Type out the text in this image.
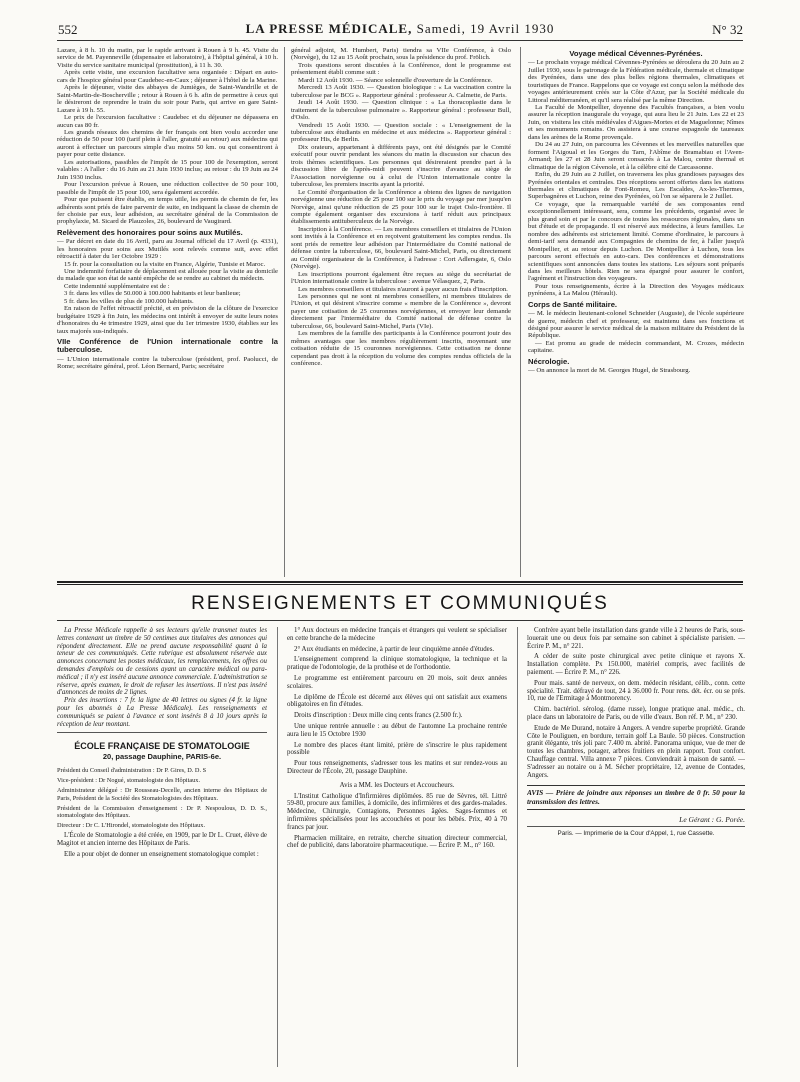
552	LA PRESSE MÉDICALE, Samedi, 19 Avril 1930	N° 32

Lazare, à 8 h. 10 du matin, par le rapide arrivant à Rouen à 9 h. 45. Visite du service de M. Payenneville (dispensaire et laboratoire), à l'hôpital général, à 10 h. Visite du service sanitaire municipal (prostitution), à 11 h. 30.

Après cette visite, une excursion facultative sera organisée : Départ en auto-cars de l'hospice général pour Caudebec-en-Caux ; déjeuner à l'hôtel de la Marine.

Après le déjeuner, visite des abbayes de Jumièges, de Saint-Wandrille et de Saint-Martin-de-Boscherville ; retour à Rouen à 6 h. afin de permettre à ceux qui le désireront de reprendre le train du soir pour Paris, qui arrive en gare Saint-Lazare à 19 h. 55.

Le prix de l'excursion facultative : Caudebec et du déjeuner ne dépassera en aucun cas 80 fr.

Les grands réseaux des chemins de fer français ont bien voulu accorder une réduction de 50 pour 100 (tarif plein à l'aller, gratuité au retour) aux médecins qui auront à effectuer un parcours simple d'au moins 50 km. ou qui consentiront à payer pour cette distance.

Les autorisations, passibles de l'impôt de 15 pour 100 de l'exemption, seront valables : A l'aller : du 16 Juin au 21 Juin 1930 inclus; au retour : du 19 Juin au 24 Juin 1930 inclus.

Pour l'excursion prévue à Rouen, une réduction collective de 50 pour 100, passible de l'impôt de 15 pour 100, sera également accordée.

Pour que puissent être établis, en temps utile, les permis de chemin de fer, les adhérents sont priés de faire parvenir de suite, en indiquant la classe de chemin de fer choisie par eux, leur adhésion, au secrétaire général de la Commission de prophylaxie, M. Sicard de Plauzoles, 26, boulevard de Vaugirard.

Relèvement des honoraires pour soins aux Mutilés.

— Par décret en date du 16 Avril, paru au Journal officiel du 17 Avril (p. 4331), les honoraires pour soins aux Mutilés sont relevés comme suit, avec effet rétroactif à dater du 1er Octobre 1929 :

15 fr. pour la consultation ou la visite en France, Algérie, Tunisie et Maroc.

Une indemnité forfaitaire de déplacement est allouée pour la visite au domicile du malade que son état de santé empêche de se rendre au cabinet du médecin.

Cette indemnité supplémentaire est de :

3 fr. dans les villes de 50.000 à 100.000 habitants et leur banlieue;

5 fr. dans les villes de plus de 100.000 habitants.

En raison de l'effet rétroactif précité, et en prévision de la clôture de l'exercice budgétaire 1929 à fin Juin, les médecins ont intérêt à envoyer de suite leurs notes d'honoraires du 4e trimestre 1929, ainsi que du 1er trimestre 1930, établies sur les taux majorés sus-indiqués.

VIIe Conférence de l'Union internationale contre la tuberculose.

— L'Union internationale contre la tuberculose (président, prof. Paolucci, de Rome; secrétaire général, prof. Léon Bernard, Paris; secrétaire

général adjoint, M. Humbert, Paris) tiendra sa VIIe Conférence, à Oslo (Norvège), du 12 au 15 Août prochain, sous la présidence du prof. Frölich.

Trois questions seront discutées à la Conférence, dont le programme est présentement établi comme suit :

Mardi 12 Août 1930. — Séance solennelle d'ouverture de la Conférence.

Mercredi 13 Août 1930. — Question biologique : « La vaccination contre la tuberculose par le BCG ». Rapporteur général : professeur A. Calmette, de Paris.

Jeudi 14 Août 1930. — Question clinique : « La thoracoplastie dans le traitement de la tuberculose pulmonaire ». Rapporteur général : professeur Bull, d'Oslo.

Vendredi 15 Août 1930. — Question sociale : « L'enseignement de la tuberculose aux étudiants en médecine et aux médecins ». Rapporteur général : professeur His, de Berlin.

Dix orateurs, appartenant à différents pays, ont été désignés par le Comité exécutif pour ouvrir pendant les séances du matin la discussion sur chacun des trois thèmes scientifiques. Les personnes qui désireraient prendre part à la discussion libre de l'après-midi peuvent s'inscrire d'avance au siège de l'Association norvégienne ou à celui de l'Union internationale contre la tuberculose, les premiers inscrits ayant la priorité.

Le Comité d'organisation de la Conférence a obtenu des lignes de navigation norvégienne une réduction de 25 pour 100 sur le prix du voyage par mer jusqu'en Norvège, ainsi qu'une réduction de 25 pour 100 sur le trajet Oslo-frontière. Il compte également organiser des excursions à tarif réduit aux principaux établissements antituberculeux de la Norvège.

Inscription à la Conférence. — Les membres conseillers et titulaires de l'Union sont invités à la Conférence et en reçoivent gratuitement les comptes rendus. Ils sont priés de remettre leur adhésion par l'intermédiaire du Comité national de défense contre la tuberculose, 66, boulevard Saint-Michel, Paris, ou directement au Comité organisateur de la Conférence, à l'adresse : Cort Adlersgate, 6, Oslo (Norvège).

Les inscriptions pourront également être reçues au siège du secrétariat de l'Union internationale contre la tuberculose : avenue Vélasquez, 2, Paris.

Les membres conseillers et titulaires n'auront à payer aucun frais d'inscription.

Les personnes qui ne sont ni membres conseillers, ni membres titulaires de l'Union, et qui désirent s'inscrire comme « membre de la Conférence », devront payer une cotisation de 25 couronnes norvégiennes, et envoyer leur demande directement par l'intermédiaire du Comité national de défense contre la tuberculose, 66, boulevard Saint-Michel, Paris (VIe).

Les membres de la famille des participants à la Conférence pourront jouir des mêmes avantages que les membres régulièrement inscrits, moyennant une cotisation réduite de 15 couronnes norvégiennes. Cette cotisation ne donne cependant pas droit à la réception du volume des comptes rendus officiels de la conférence.

Voyage médical Cévennes-Pyrénées.

— Le prochain voyage médical Cévennes-Pyrénées se déroulera du 20 Juin au 2 Juillet 1930, sous le patronage de la Fédération médicale, thermale et climatique des Pyrénées, dans une des plus belles régions thermales, climatiques et touristiques de France. Rappelons que ce voyage est conçu selon la méthode des voyages antérieurement créés sur la Côte d'Azur, par la Société médicale du Littoral méditerranéen, et qu'il sera réalisé par la même Direction.

La Faculté de Montpellier, doyenne des Facultés françaises, a bien voulu assurer la réception inaugurale du voyage, qui aura lieu le 21 Juin. Les 22 et 23 Juin, on visitera les cités médiévales d'Aigues-Mortes et de Maguelonne; Nîmes et ses monuments romains. On assistera à une course espagnole de taureaux dans les arènes de la Rome provençale.

Du 24 au 27 Juin, on parcourra les Cévennes et les merveilles naturelles que forment l'Aigoual et les Gorges du Tarn, l'Abîme de Bramabiau et l'Aven-Armand; les 27 et 28 Juin seront consacrés à La Malou, centre thermal et climatique de la région Cévenole, et à la célèbre cité de Carcassonne.

Enfin, du 29 Juin au 2 Juillet, on traversera les plus grandioses paysages des Pyrénées orientales et centrales. Des réceptions seront offertes dans les stations thermales et climatiques de Font-Romeu, Les Escaldes, Ax-les-Thermes, Superbagnères et Luchon, reine des Pyrénées, où l'on se séparera le 2 Juillet.

Ce voyage, que la remarquable variété de ses composantes rend exceptionnellement intéressant, sera, comme les précédents, organisé avec le plus grand soin et par le concours de toutes les ressources régionales, dans un but d'étude et de propagande. Il est réservé aux médecins, à leurs familles. Le nombre des adhérents est strictement limité. Comme d'ordinaire, le parcours à demi-tarif sera demandé aux Compagnies de chemins de fer, à l'aller jusqu'à Montpellier, et au retour depuis Luchon. De Montpellier à Luchon, tous les parcours seront effectués en auto-cars. Des conférences et démonstrations scientifiques sont annoncées dans toutes les stations. Les séjours sont préparés dans les meilleurs hôtels. Rien ne sera épargné pour assurer le confort, l'agrément et l'instruction des voyageurs.

Pour tous renseignements, écrire à la Direction des Voyages médicaux pyrénéens, à La Malou (Hérault).

Corps de Santé militaire.

— M. le médecin lieutenant-colonel Schneider (Auguste), de l'école supérieure de guerre, médecin chef et professeur, est maintenu dans ses fonctions et désigné pour assurer le service médical de la maison militaire du Président de la République.

— Est promu au grade de médecin commandant, M. Crozes, médecin capitaine.

Nécrologie.

— On annonce la mort de M. Georges Hugel, de Strasbourg.

RENSEIGNEMENTS ET COMMUNIQUÉS

La Presse Médicale rappelle à ses lecteurs qu'elle transmet toutes les lettres contenant un timbre de 50 centimes aux titulaires des annonces qui répondent directement. Elle ne prend aucune responsabilité quant à la teneur de ces communiqués. Cette rubrique est absolument réservée aux annonces concernant les postes médicaux, les remplacements, les offres ou demandes d'emplois ou de cessions ayant un caractère médical ou para-médical ; il n'y est inséré aucune annonce commerciale. L'administration se réserve, après examen, le droit de refuser les insertions. Il n'est pas inséré d'annonces de moins de 2 lignes.

Prix des insertions : 7 fr. la ligne de 40 lettres ou signes (4 fr. la ligne pour les abonnés à La Presse Médicale). Les renseignements et communiqués se paient à l'avance et sont insérés 8 à 10 jours après la réception de leur montant.

ÉCOLE FRANÇAISE DE STOMATOLOGIE
20, passage Dauphine, PARIS-6e.

Président du Conseil d'administration : Dr P. Gires, D. D. S

Vice-président : Dr Nogué, stomatologiste des Hôpitaux.

Administrateur délégué : Dr Rousseau-Decelle, ancien interne des Hôpitaux de Paris, Président de la Société des Stomatologistes des Hôpitaux.

Président de la Commission d'enseignement : Dr P. Nespoulous, D. D. S., stomatologiste des Hôpitaux.

Directeur : Dr C. L'Hirondel, stomatologiste des Hôpitaux.

L'École de Stomatologie a été créée, en 1909, par le Dr L. Cruet, élève de Magitot et ancien interne des Hôpitaux de Paris.

Elle a pour objet de donner un enseignement stomatologique complet :

1° Aux docteurs en médecine français et étrangers qui veulent se spécialiser en cette branche de la médecine

2° Aux étudiants en médecine, à partir de leur cinquième année d'études.

L'enseignement comprend la clinique stomatologique, la technique et la pratique de l'odontologie, de la prothèse et de l'orthodontie.

Le programme est entièrement parcouru en 20 mois, soit deux années scolaires.

Le diplôme de l'École est décerné aux élèves qui ont satisfait aux examens obligatoires en fin d'études.

Droits d'inscription : Deux mille cinq cents francs (2.500 fr.).

Une unique rentrée annuelle : au début de l'automne La prochaine rentrée aura lieu le 15 Octobre 1930

Le nombre des places étant limité, prière de s'inscrire le plus rapidement possible

Pour tous renseignements, s'adresser tous les matins et sur rendez-vous au Directeur de l'École, 20, passage Dauphine.

Avis a MM. les Docteurs et Accoucheurs.

L'Institut Catholique d'Infirmières diplômées. 85 rue de Sèvres, tél. Littré 59-80, procure aux familles, à domicile, des infirmières et des gardes-malades. Médecine, Chirurgie, Contagions, Personnes âgées. Sages-femmes et infirmières spécialisées pour les accouchées et pour les bébés. Prix, 40 à 70 francs par jour.

Pharmacien militaire, en retraite, cherche situation directeur commercial, chef de publicité, dans laboratoire pharmaceutique. — Écrire P. M., n° 160.

Confrère ayant belle installation dans grande ville à 2 heures de Paris, sous-louerait une ou deux fois par semaine son cabinet à spécialiste parisien. — Écrire P. M., n° 221.

A céder de suite poste chirurgical avec petite clinique et rayons X. Installation complète. Px 150.000, matériel compris, avec facilités de paiement. — Écrire P. M., n° 226.

Pour mais. santé de nerveux, on dem. médecin résidant, célib., conn. cette spécialité. Trait. défrayé de tout, 24 à 36.000 fr. Pour rens. dét. écr. ou se prés. 10, rue de l'Ermitage à Montmorency.

Chim. bactériol. sérolog. (dame russe), longue pratique anal. médic., ch. place dans un laboratoire de Paris, ou de ville d'eaux. Bon réf. P. M., n° 230.

Etude de Me Durand, notaire à Angers. A vendre superbe propriété. Grande Côte le Pouliguen, en bordure, terrain golf La Baule. 50 pièces. Construction granit élégante, très joli parc 7.400 m. abrité. Panorama unique, vue de mer de toutes les chambres, potager, arbres fruitiers en plein rapport. Tout confort. Chauffage central. Villa annexe 7 pièces. Conviendrait à maison de santé. — S'adresser au notaire ou à M. Sécher propriétaire, 12, avenue de Contades, Angers.

AVIS — Prière de joindre aux réponses un timbre de 0 fr. 50 pour la transmission des lettres.
Le Gérant : G. Porée.
Paris. — Imprimerie de la Cour d'Appel, 1, rue Cassette.
